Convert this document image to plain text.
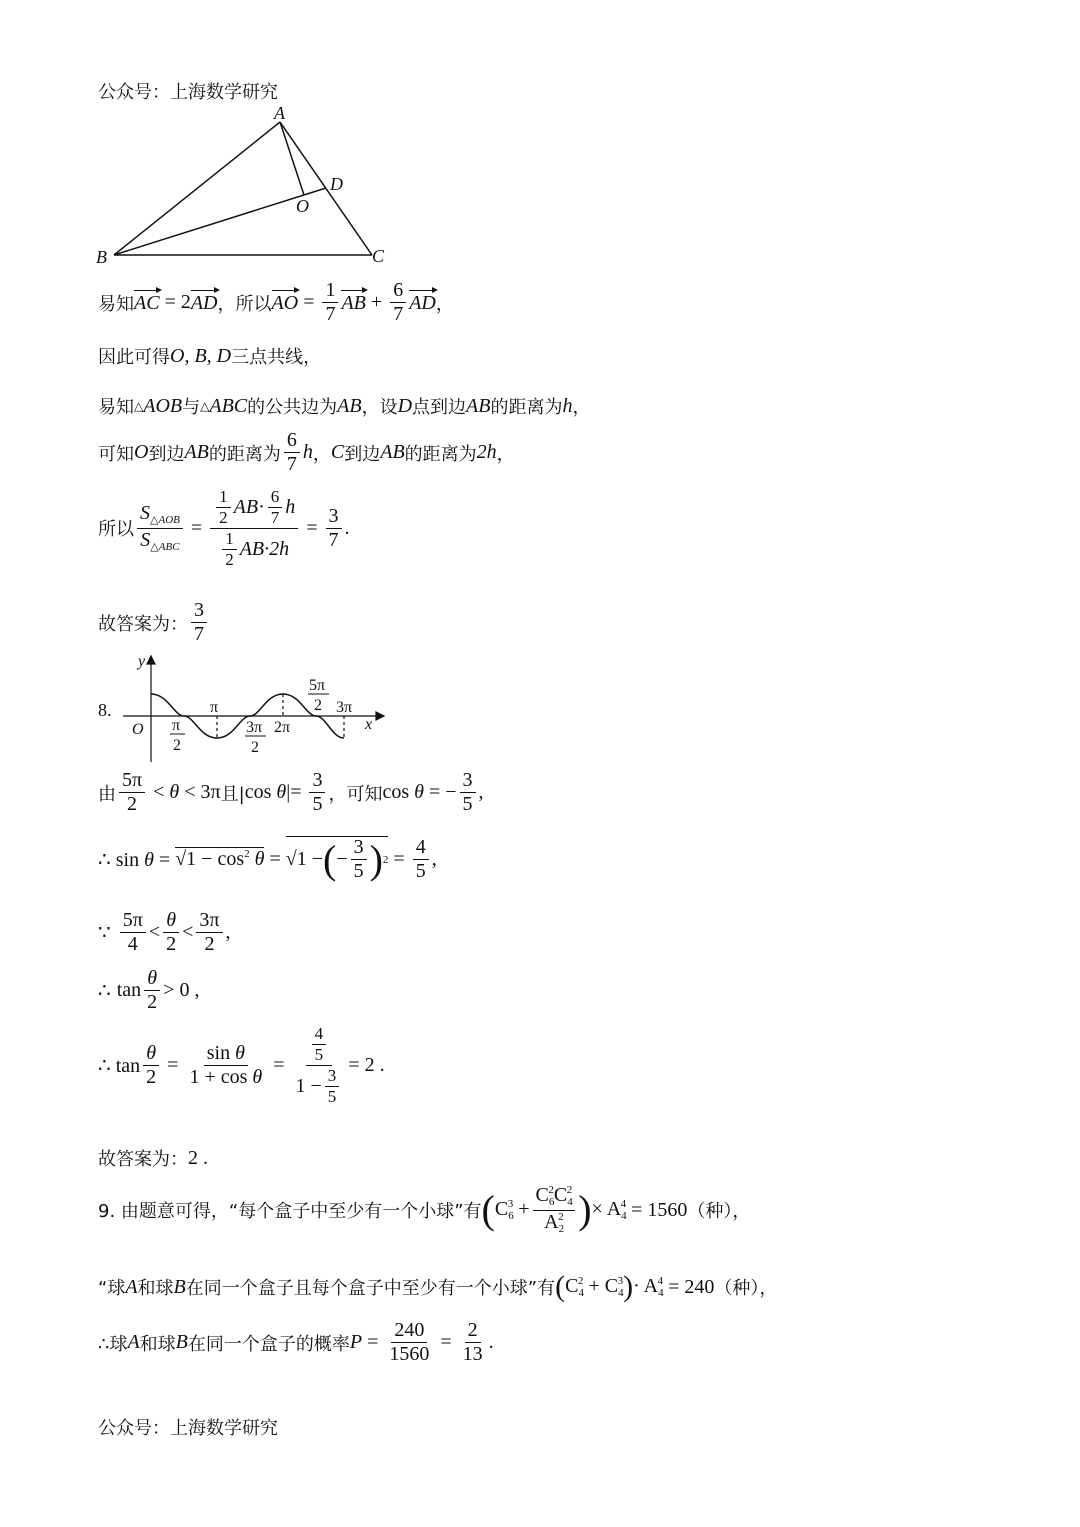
公众号：上海数学研究
A
B	C
D
O
易知 AC = 2 AD ，所以 AO = $\frac{1}{7}$ AB + $\frac{6}{7}$ AD ，
因此可得 O, B, D 三点共线，
易知 △ AOB 与 △ ABC 的公共边为 AB ，设 D 点到边 AB 的距离为 h ，
可知 O 到边 AB 的距离为 $\frac{6}{7}$ h ， C 到边 AB 的距离为 2h ，
所以 $\frac{S_{\triangle AOB}}{S_{\triangle ABC}} = \frac{\frac{1}{2} AB \cdot \frac{6}{7} h}{\frac{1}{2} AB\cdot 2h} = \frac{3}{7}$ .
故答案为： $\frac{3}{7}$
8.
y
x
O π
2
π
3π
2
2π
5π
2 3π
由 $\frac{5\pi}{2} < \theta < 3\pi$ 且| $\cos \theta|= \frac{3}{5}$ ，可知 cos θ = − $\frac{3}{5}$ ,
∴ $\sin \theta = √1 - \cos^2 \theta = √1$ − ( − $\frac{3}{5}$ ) $2 = \frac{4}{5}$ ,
∵ $\frac{5\pi}{4} < \frac{\theta}{2} < \frac{3\pi}{2}$ ,
∴ $\tan \frac{\theta}{2} > 0$ ,
∴ $\tan \frac{\theta}{2} = \frac{\text{sin θ}}{\text{1 + cos θ}} = \frac{\frac{4}{5}}{1 - \frac{3}{5}} = 2$ .
故答案为： 2 .
9. 由题意可得，“每个盒子中至少有一个小球”有 ( $C_6^3 + \frac{C_6^2C_4^2}{A_2^2}$ ) × $A_4^4 = 1560$ （种），
“球 A 和球 B 在同一个盒子且每个盒子中至少有一个小球”有 ( $C_4^2 + C_4^3$ ) · $A_4^4 = 240$ （种），
∴球 A 和球 B 在同一个盒子的概率 $P = \frac{240}{1560} = \frac{2}{13}$ .
公众号：上海数学研究
